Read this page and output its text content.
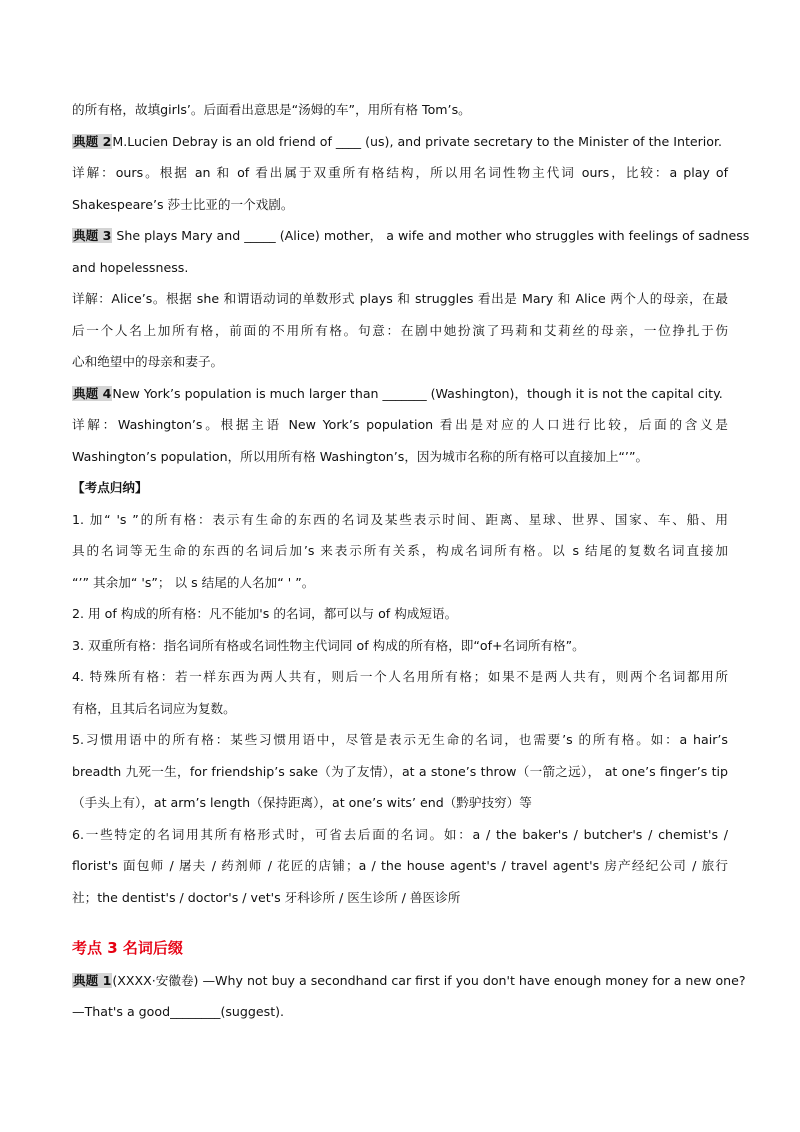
的所有格，故填girls’。后面看出意思是“汤姆的车”，用所有格 Tom’s。
典题 2M.Lucien Debray is an old friend of ____ (us), and private secretary to the Minister of the Interior.
详解：ours。根据 an 和 of 看出属于双重所有格结构，所以用名词性物主代词 ours，比较：a play of
Shakespeare’s 莎士比亚的一个戏剧。
典题 3 She plays Mary and _____ (Alice) mother， a wife and mother who struggles with feelings of sadness
and hopelessness.
详解：Alice’s。根据 she 和谓语动词的单数形式 plays 和 struggles 看出是 Mary 和 Alice 两个人的母亲，在最
后一个人名上加所有格，前面的不用所有格。句意：在剧中她扮演了玛莉和艾莉丝的母亲，一位挣扎于伤
心和绝望中的母亲和妻子。
典题 4New York’s population is much larger than _______ (Washington)，though it is not the capital city.
详解：Washington’s。根据主语 New York’s population 看出是对应的人口进行比较，后面的含义是
Washington’s population，所以用所有格 Washington’s，因为城市名称的所有格可以直接加上“’”。
【考点归纳】
1. 加“ 's ”的所有格：表示有生命的东西的名词及某些表示时间、距离、星球、世界、国家、车、船、用
具的名词等无生命的东西的名词后加’s 来表示所有关系，构成名词所有格。以 s 结尾的复数名词直接加
“’” 其余加“ 's”； 以 s 结尾的人名加“ ' ”。
2. 用 of 构成的所有格：凡不能加's 的名词，都可以与 of 构成短语。
3. 双重所有格：指名词所有格或名词性物主代词同 of 构成的所有格，即“of+名词所有格”。
4. 特殊所有格：若一样东西为两人共有，则后一个人名用所有格；如果不是两人共有，则两个名词都用所
有格，且其后名词应为复数。
5.习惯用语中的所有格：某些习惯用语中，尽管是表示无生命的名词，也需要’s 的所有格。如：a hair’s
breadth 九死一生，for friendship’s sake（为了友情），at a stone’s throw（一箭之远）， at one’s finger’s tip
（手头上有），at arm’s length（保持距离），at one’s wits’ end（黔驴技穷）等
6.一些特定的名词用其所有格形式时，可省去后面的名词。如：a / the baker's / butcher's / chemist's /
florist's 面包师 / 屠夫 / 药剂师 / 花匠的店铺；a / the house agent's / travel agent's 房产经纪公司 / 旅行
社；the dentist's / doctor's / vet's 牙科诊所 / 医生诊所 / 兽医诊所
考点 3 名词后缀
典题 1(XXXX·安徽卷) —Why not buy a secondhand car first if you don't have enough money for a new one?
—That's a good________(suggest).
